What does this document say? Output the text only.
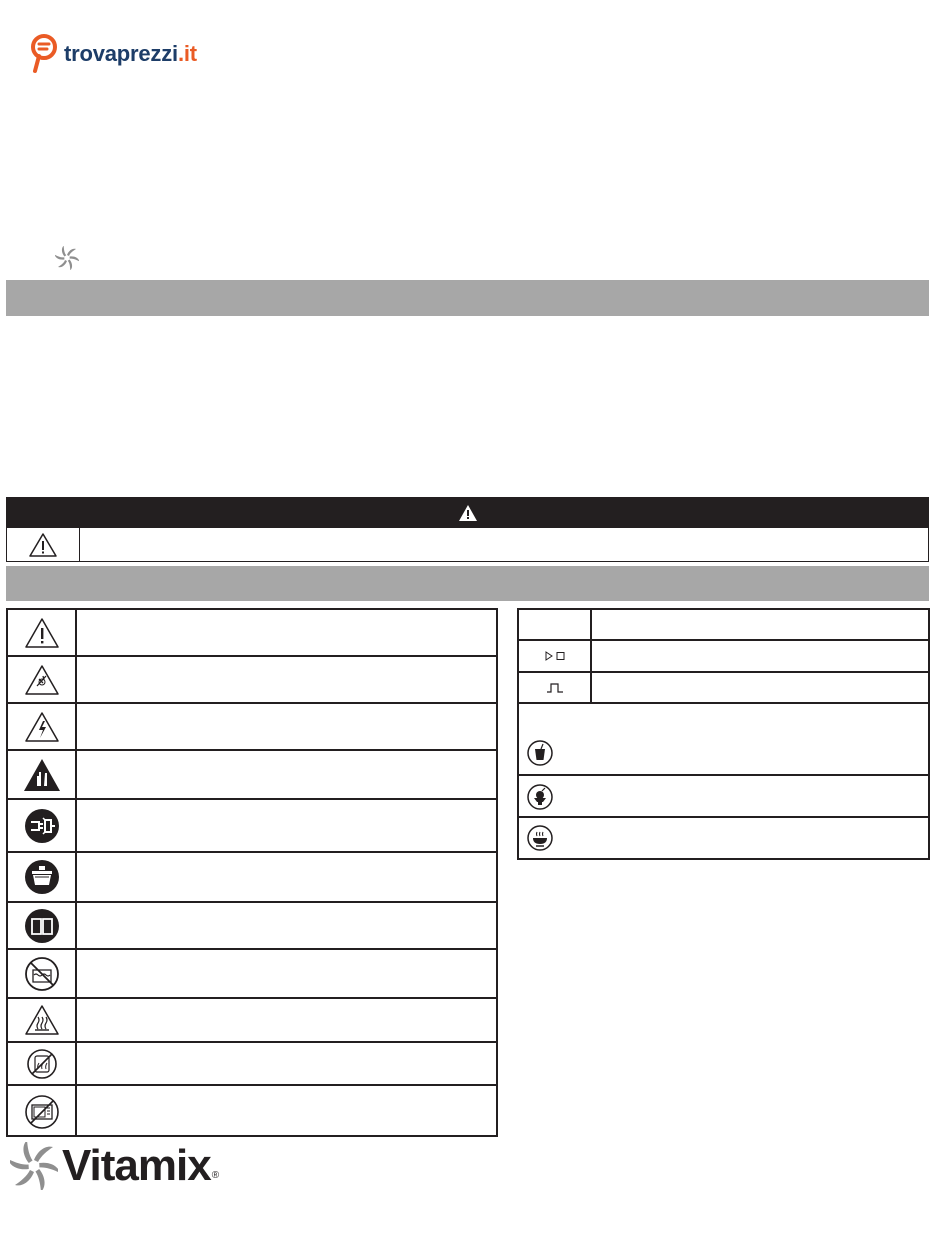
trovaprezzi.it
Vitamix®
